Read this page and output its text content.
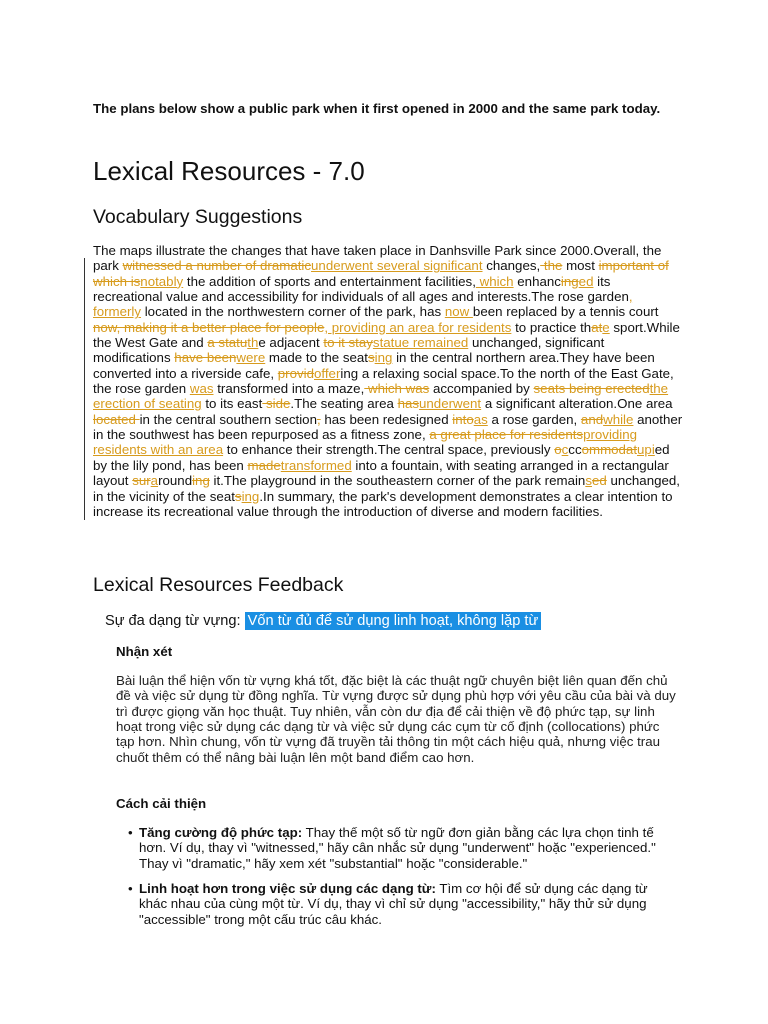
The plans below show a public park when it first opened in 2000 and the same park today.
Lexical Resources - 7.0
Vocabulary Suggestions

The maps illustrate the changes that have taken place in Danhsville Park since 2000.Overall, the park witnessed a number of dramaticunderwent several significant changes, the most important of which isnotably the addition of sports and entertainment facilities, which enhancinged its recreational value and accessibility for individuals of all ages and interests.The rose garden, formerly located in the northwestern corner of the park, has now been replaced by a tennis court now, making it a better place for people, providing an area for residents to practice thate sport.While the West Gate and a statuthe adjacent to it staystatue remained unchanged, significant modifications have beenwere made to the seatsing in the central northern area.They have been converted into a riverside cafe, providoffering a relaxing social space.To the north of the East Gate, the rose garden was transformed into a maze, which was accompanied by seats being erectedthe erection of seating to its east side.The seating area hasunderwent a significant alteration.One area located in the central southern section, has been redesigned intoas a rose garden, andwhile another in the southwest has been repurposed as a fitness zone, a great place for residentsproviding residents with an area to enhance their strength.The central space, previously occcommodatupied by the lily pond, has been madetransformed into a fountain, with seating arranged in a rectangular layout surarounding it.The playground in the southeastern corner of the park remainsed unchanged, in the vicinity of the seatsing.In summary, the park's development demonstrates a clear intention to increase its recreational value through the introduction of diverse and modern facilities.

Lexical Resources Feedback
Sự đa dạng từ vựng: Vốn từ đủ để sử dụng linh hoạt, không lặp từ
Nhận xét
Bài luận thể hiện vốn từ vựng khá tốt, đặc biệt là các thuật ngữ chuyên biệt liên quan đến chủ đề và việc sử dụng từ đồng nghĩa. Từ vựng được sử dụng phù hợp với yêu cầu của bài và duy trì được giọng văn học thuật. Tuy nhiên, vẫn còn dư địa để cải thiện về độ phức tạp, sự linh hoạt trong việc sử dụng các dạng từ và việc sử dụng các cụm từ cố định (collocations) phức tạp hơn. Nhìn chung, vốn từ vựng đã truyền tải thông tin một cách hiệu quả, nhưng việc trau chuốt thêm có thể nâng bài luận lên một band điểm cao hơn.
Cách cải thiện
• Tăng cường độ phức tạp: Thay thế một số từ ngữ đơn giản bằng các lựa chọn tinh tế hơn. Ví dụ, thay vì "witnessed," hãy cân nhắc sử dụng "underwent" hoặc "experienced." Thay vì "dramatic," hãy xem xét "substantial" hoặc "considerable."
• Linh hoạt hơn trong việc sử dụng các dạng từ: Tìm cơ hội để sử dụng các dạng từ khác nhau của cùng một từ. Ví dụ, thay vì chỉ sử dụng "accessibility," hãy thử sử dụng "accessible" trong một cấu trúc câu khác.
